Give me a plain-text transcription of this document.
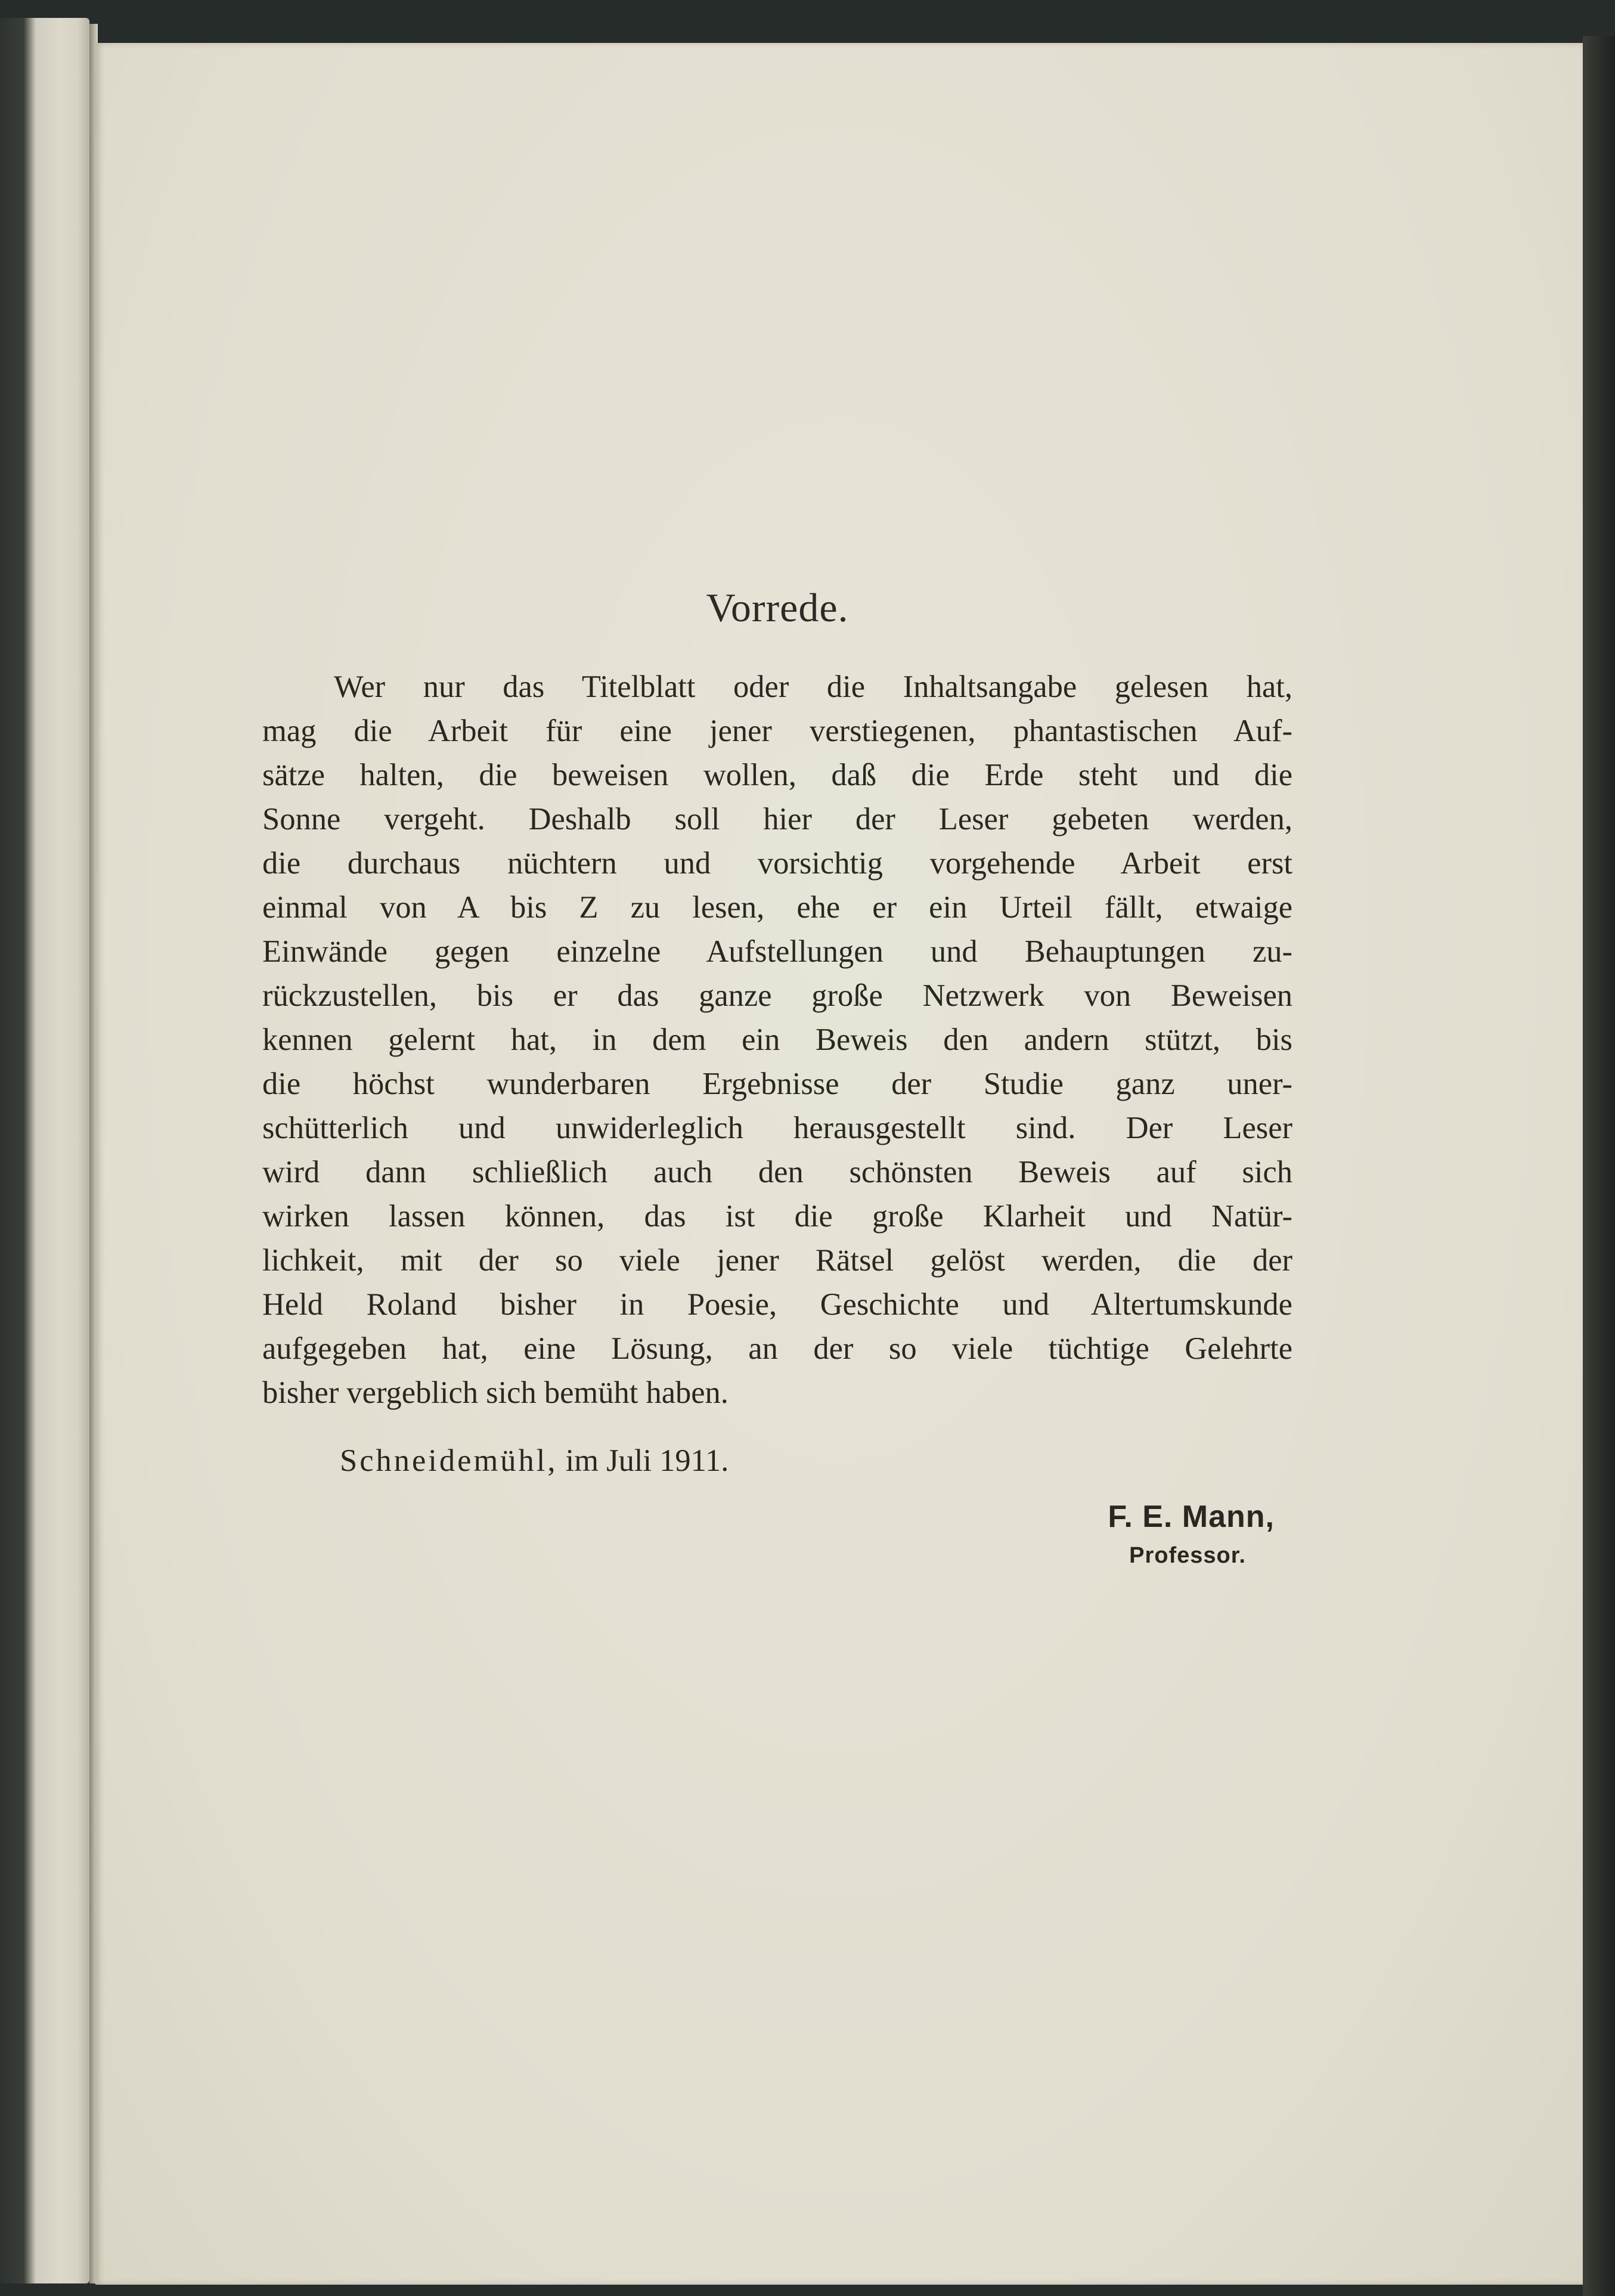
Vorrede.

Wer nur das Titelblatt oder die Inhaltsangabe gelesen hat,
mag die Arbeit für eine jener verstiegenen, phantastischen Auf-
sätze halten, die beweisen wollen, daß die Erde steht und die
Sonne vergeht. Deshalb soll hier der Leser gebeten werden,
die durchaus nüchtern und vorsichtig vorgehende Arbeit erst
einmal von A bis Z zu lesen, ehe er ein Urteil fällt, etwaige
Einwände gegen einzelne Aufstellungen und Behauptungen zu-
rückzustellen, bis er das ganze große Netzwerk von Beweisen
kennen gelernt hat, in dem ein Beweis den andern stützt, bis
die höchst wunderbaren Ergebnisse der Studie ganz uner-
schütterlich und unwiderleglich herausgestellt sind. Der Leser
wird dann schließlich auch den schönsten Beweis auf sich
wirken lassen können, das ist die große Klarheit und Natür-
lichkeit, mit der so viele jener Rätsel gelöst werden, die der
Held Roland bisher in Poesie, Geschichte und Altertumskunde
aufgegeben hat, eine Lösung, an der so viele tüchtige Gelehrte
bisher vergeblich sich bemüht haben.

Schneidemühl, im Juli 1911.
F. E. Mann,
Professor.
